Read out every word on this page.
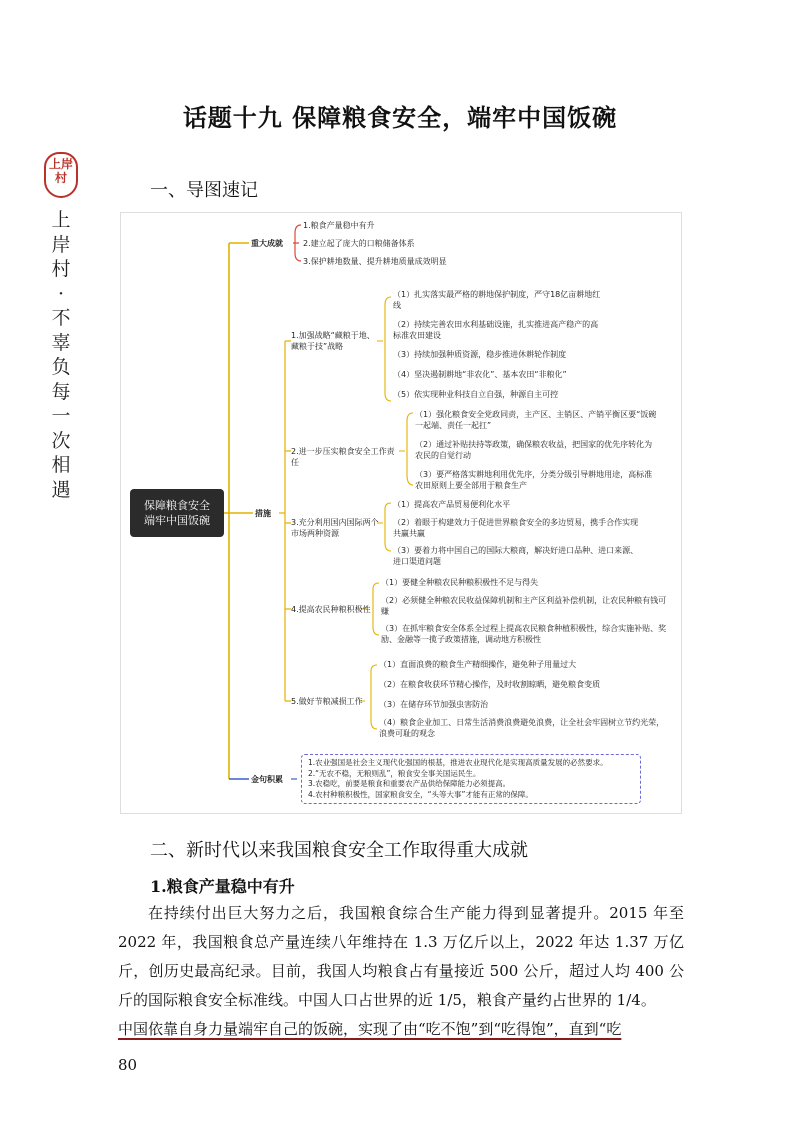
上岸村
上岸村·不辜负每一次相遇
话题十九 保障粮食安全，端牢中国饭碗
一、导图速记
保障粮食安全
端牢中国饭碗
重大成就
措施
金句积累
1.粮食产量稳中有升
2.建立起了庞大的口粮储备体系
3.保护耕地数量、提升耕地质量成效明显
1.加强战略“藏粮于地、藏粮于技”战略
（1）扎实落实最严格的耕地保护制度，严守18亿亩耕地红线
（2）持续完善农田水利基础设施，扎实推进高产稳产的高标准农田建设
（3）持续加强种质资源，稳步推进休耕轮作制度
（4）坚决遏制耕地“非农化”、基本农田“非粮化”
（5）依实现种业科技自立自强，种源自主可控
2.进一步压实粮食安全工作责任
（1）强化粮食安全党政同责，主产区、主销区、产销平衡区要“饭碗一起端、责任一起扛”
（2）通过补贴扶持等政策，确保粮农收益，把国家的优先序转化为农民的自觉行动
（3）要严格落实耕地利用优先序，分类分级引导耕地用途，高标准农田原则上要全部用于粮食生产
3.充分利用国内国际两个市场两种资源
（1）提高农产品贸易便利化水平
（2）着眼于构建效力于促进世界粮食安全的多边贸易，携手合作实现共赢共赢
（3）要着力将中国自己的国际大粮商，解决好进口品种、进口来源、进口渠道问题
4.提高农民种粮积极性
（1）要健全种粮农民种粮积极性不足与得失
（2）必须健全种粮农民收益保障机制和主产区利益补偿机制，让农民种粮有钱可赚
（3）在抓牢粮食安全体系全过程上提高农民粮食种植积极性，综合实施补贴、奖励、金融等一揽子政策措施，调动地方积极性
5.做好节粮减损工作
（1）直面浪费的粮食生产精细操作，避免种子用量过大
（2）在粮食收获环节精心操作，及时收割晾晒，避免粮食变质
（3）在储存环节加强虫害防治
（4）粮食企业加工、日常生活消费浪费避免浪费，让全社会牢固树立节约光荣，浪费可耻的观念
1.农业强国是社会主义现代化强国的根基，推进农业现代化是实现高质量发展的必然要求。
2.“无农不稳，无粮则乱”，粮食安全事关国运民生。
3.农稳吃，前要是粮食和重要农产品供给保障能力必须提高。
4.农村种粮积极性，国家粮食安全，“头等大事”才能有正常的保障。
二、新时代以来我国粮食安全工作取得重大成就
1.粮食产量稳中有升

在持续付出巨大努力之后，我国粮食综合生产能力得到显著提升。2015 年至 2022 年，我国粮食总产量连续八年维持在 1.3 万亿斤以上，2022 年达 1.37 万亿斤，创历史最高纪录。目前，我国人均粮食占有量接近 500 公斤，超过人均 400 公斤的国际粮食安全标准线。中国人口占世界的近 1/5，粮食产量约占世界的 1/4。

中国依靠自身力量端牢自己的饭碗，实现了由“吃不饱”到“吃得饱”，直到“吃

80
